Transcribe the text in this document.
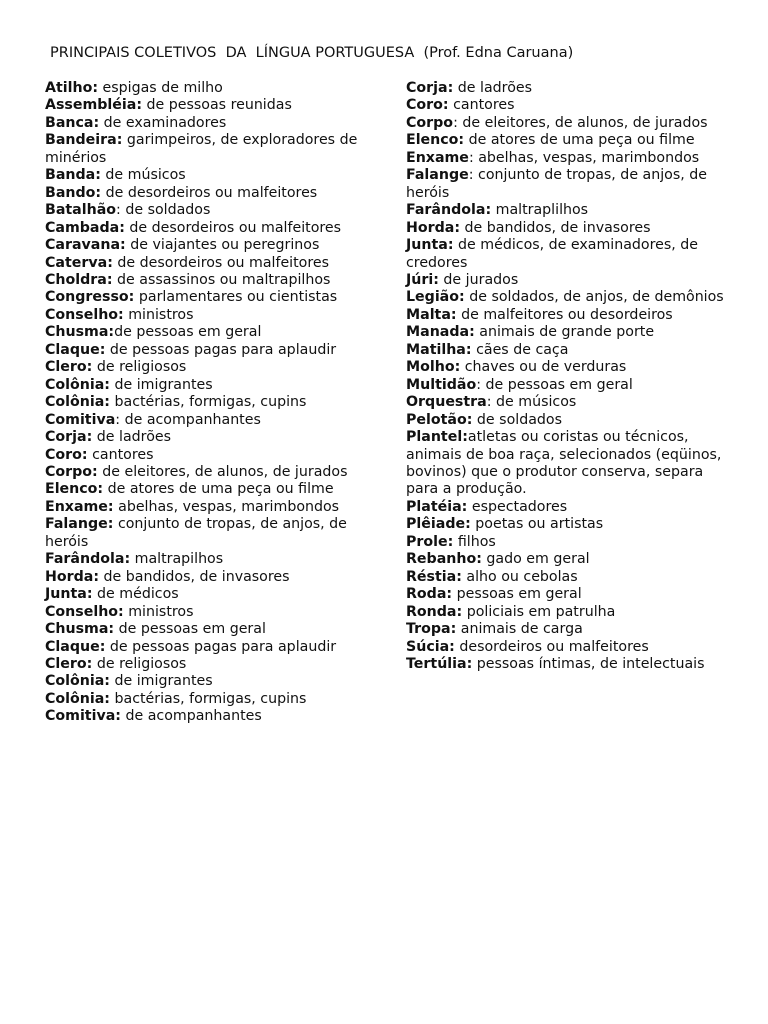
PRINCIPAIS COLETIVOS  DA  LÍNGUA PORTUGUESA  (Prof. Edna Caruana)
Atilho: espigas de milho
Assembléia: de pessoas reunidas
Banca: de examinadores
Bandeira: garimpeiros, de exploradores de minérios
Banda: de músicos
Bando: de desordeiros ou malfeitores
Batalhão: de soldados
Cambada: de desordeiros ou malfeitores
Caravana: de viajantes ou peregrinos
Caterva: de desordeiros ou malfeitores
Choldra: de assassinos ou maltrapilhos
Congresso: parlamentares ou cientistas
Conselho: ministros
Chusma:de pessoas em geral
Claque: de pessoas pagas para aplaudir
Clero: de religiosos
Colônia: de imigrantes
Colônia: bactérias, formigas, cupins
Comitiva: de acompanhantes
Corja: de ladrões
Coro: cantores
Corpo: de eleitores, de alunos, de jurados
Elenco: de atores de uma peça ou filme
Enxame: abelhas, vespas, marimbondos
Falange: conjunto de tropas, de anjos, de heróis
Farândola: maltrapilhos
Horda: de bandidos, de invasores
Junta: de médicos
Conselho: ministros
Chusma: de pessoas em geral
Claque: de pessoas pagas para aplaudir
Clero: de religiosos
Colônia: de imigrantes
Colônia: bactérias, formigas, cupins
Comitiva: de acompanhantes
Corja: de ladrões
Coro: cantores
Corpo: de eleitores, de alunos, de jurados
Elenco: de atores de uma peça ou filme
Enxame: abelhas, vespas, marimbondos
Falange: conjunto de tropas, de anjos, de heróis
Farândola: maltraplilhos
Horda: de bandidos, de invasores
Junta: de médicos, de examinadores, de credores
Júri: de jurados
Legião: de soldados, de anjos, de demônios
Malta: de malfeitores ou desordeiros
Manada: animais de grande porte
Matilha: cães de caça
Molho: chaves ou de verduras
Multidão: de pessoas em geral
Orquestra: de músicos
Pelotão: de soldados
Plantel:atletas ou coristas ou técnicos, animais de boa raça, selecionados (eqüinos, bovinos) que o produtor conserva, separa para a produção.
Platéia: espectadores
Plêiade: poetas ou artistas
Prole: filhos
Rebanho: gado em geral
Réstia: alho ou cebolas
Roda: pessoas em geral
Ronda: policiais em patrulha
Tropa: animais de carga
Súcia: desordeiros ou malfeitores
Tertúlia: pessoas íntimas, de intelectuais
